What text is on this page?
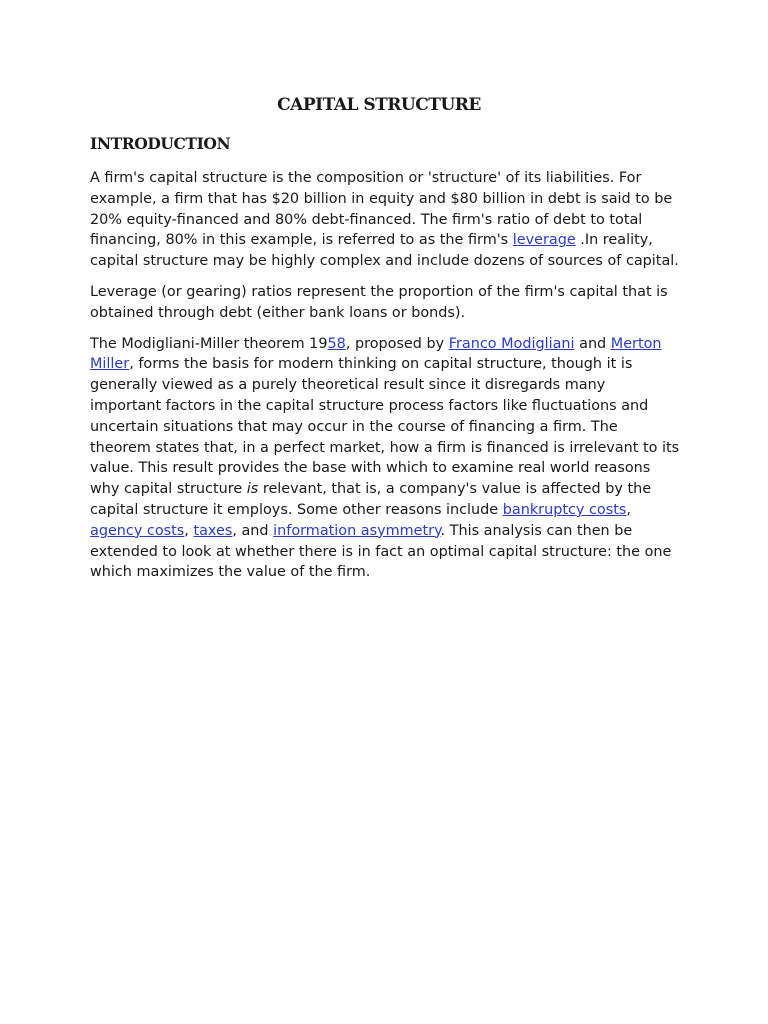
CAPITAL STRUCTURE
INTRODUCTION

A firm's capital structure is the composition or 'structure' of its liabilities. For example, a firm that has $20 billion in equity and $80 billion in debt is said to be 20% equity-financed and 80% debt-financed. The firm's ratio of debt to total financing, 80% in this example, is referred to as the firm's leverage .In reality, capital structure may be highly complex and include dozens of sources of capital.

Leverage (or gearing) ratios represent the proportion of the firm's capital that is obtained through debt (either bank loans or bonds).

The Modigliani-Miller theorem 1958, proposed by Franco Modigliani and Merton Miller, forms the basis for modern thinking on capital structure, though it is generally viewed as a purely theoretical result since it disregards many important factors in the capital structure process factors like fluctuations and uncertain situations that may occur in the course of financing a firm. The theorem states that, in a perfect market, how a firm is financed is irrelevant to its value. This result provides the base with which to examine real world reasons why capital structure is relevant, that is, a company's value is affected by the capital structure it employs. Some other reasons include bankruptcy costs, agency costs, taxes, and information asymmetry. This analysis can then be extended to look at whether there is in fact an optimal capital structure: the one which maximizes the value of the firm.
